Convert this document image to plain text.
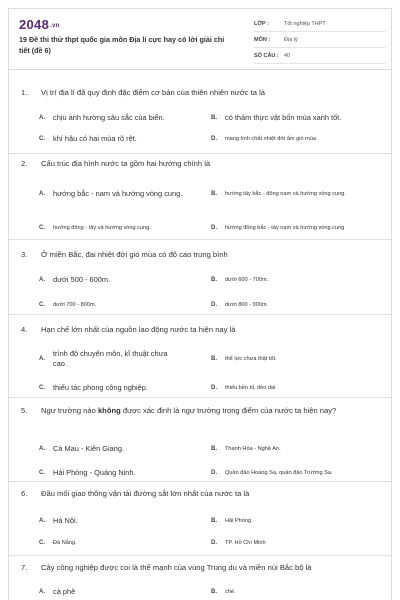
2048.vn
19 Đề thi thử thpt quốc gia môn Địa lí cực hay có lời giải chi tiết (đề 6)
LỚP :	Tốt nghiệp THPT
MÔN :	Địa lý
SỐ CÂU : 40
1.	Vị trí địa lí đã quy định đặc điểm cơ bản của thiên nhiên nước ta là
A.	chịu ảnh hưởng sâu sắc của biển.	B.	có thảm thực vật bốn mùa xanh tốt.
C.	khí hậu có hai mùa rõ rệt.	D.	mang tính chất nhiệt đới ẩm gió mùa
2.	Cấu trúc địa hình nước ta gồm hai hướng chính là
A.	hướng bắc - nam và hướng vòng cung.	B.	hướng tây bắc - đông nam và hướng vòng cung.
C.	hướng đông - tây và hướng vòng cung.	D.	hướng đông bắc - tây nam và hướng vòng cung
3.	Ở miền Bắc, đai nhiệt đới gió mùa có độ cao trung bình
A.	dưới 500 - 600m.	B.	dưới 600 - 700m.
C.	dưới 700 - 800m.	D.	dưới 800 - 900m
4.	Hạn chế lớn nhất của nguồn lao động nước ta hiện nay là
A.
trình độ chuyên môn, kĩ thuật chưa cao.	B.	thể lực chưa thật tốt.
C.	thiếu tác phong công nghiệp.	D.	thiếu bền bỉ, dẻo dai
5.	Ngư trường nào không được xác định là ngư trường trọng điểm của nước ta hiện nay?
A.	Cà Mau - Kiên Giang.	B.	Thanh Hóa - Nghệ An.
C.	Hải Phòng - Quảng Ninh.	D.	Quần đảo Hoàng Sa, quần đảo Trường Sa.
6.	Đầu mối giao thông vận tải đường sắt lớn nhất của nước ta là
A.	Hà Nội.	B.	Hải Phòng.
C.	Đà Nẵng.	D.	TP. Hồ Chí Minh
7.	Cây công nghiệp được coi là thế mạnh của vùng Trung du và miền núi Bắc bộ là
A.	cà phê	B.	chè.
